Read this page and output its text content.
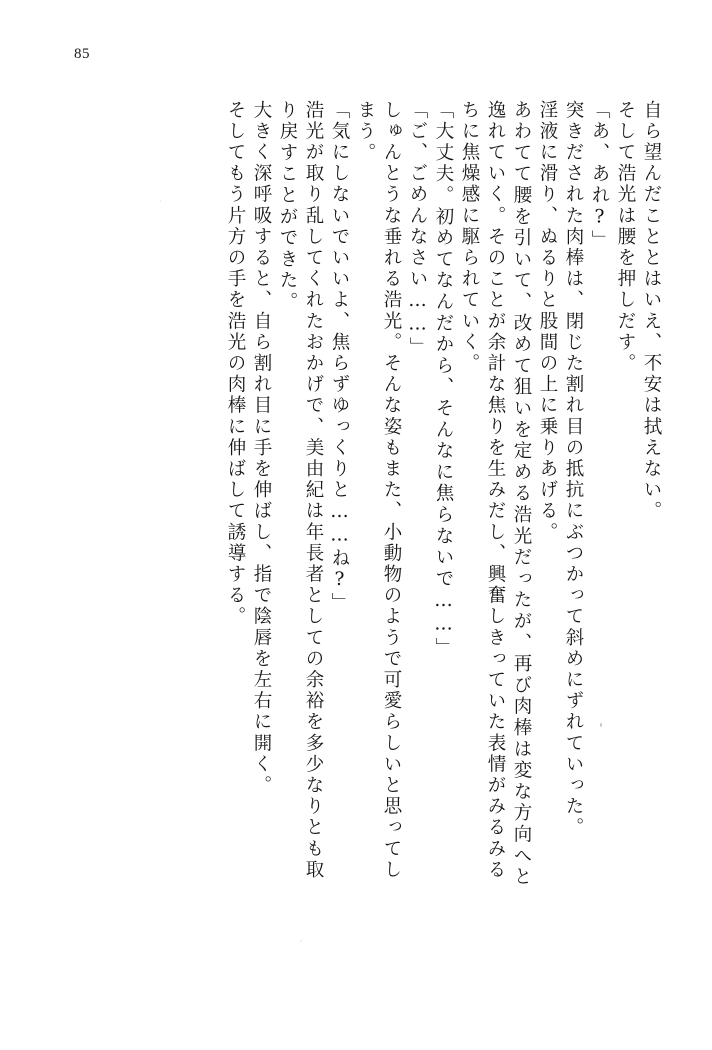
85
自ら望んだこととはいえ、不安は拭えない。
そして浩光は腰を押しだす。
「あ、あれ?」
突きだされた肉棒は、閉じた割れ目の抵抗にぶつかって斜めにずれていった。
淫液に滑り、ぬるりと股間の上に乗りあげる。
あわてて腰を引いて、改めて狙いを定める浩光だったが、再び肉棒は変な方向へと
逸れていく。そのことが余計な焦りを生みだし、興奮しきっていた表情がみるみる
ちに焦燥感に駆られていく。
「大丈夫。初めてなんだから、そんなに焦らないで……」
「ご、ごめんなさい……」
しゅんとうな垂れる浩光。そんな姿もまた、小動物のようで可愛らしいと思ってし
まう。
「気にしないでいいよ、焦らずゆっくりと……ね?」
浩光が取り乱してくれたおかげで、美由紀は年長者としての余裕を多少なりとも取
り戻すことができた。
大きく深呼吸すると、自ら割れ目に手を伸ばし、指で陰唇を左右に開く。
そしてもう片方の手を浩光の肉棒に伸ばして誘導する。
